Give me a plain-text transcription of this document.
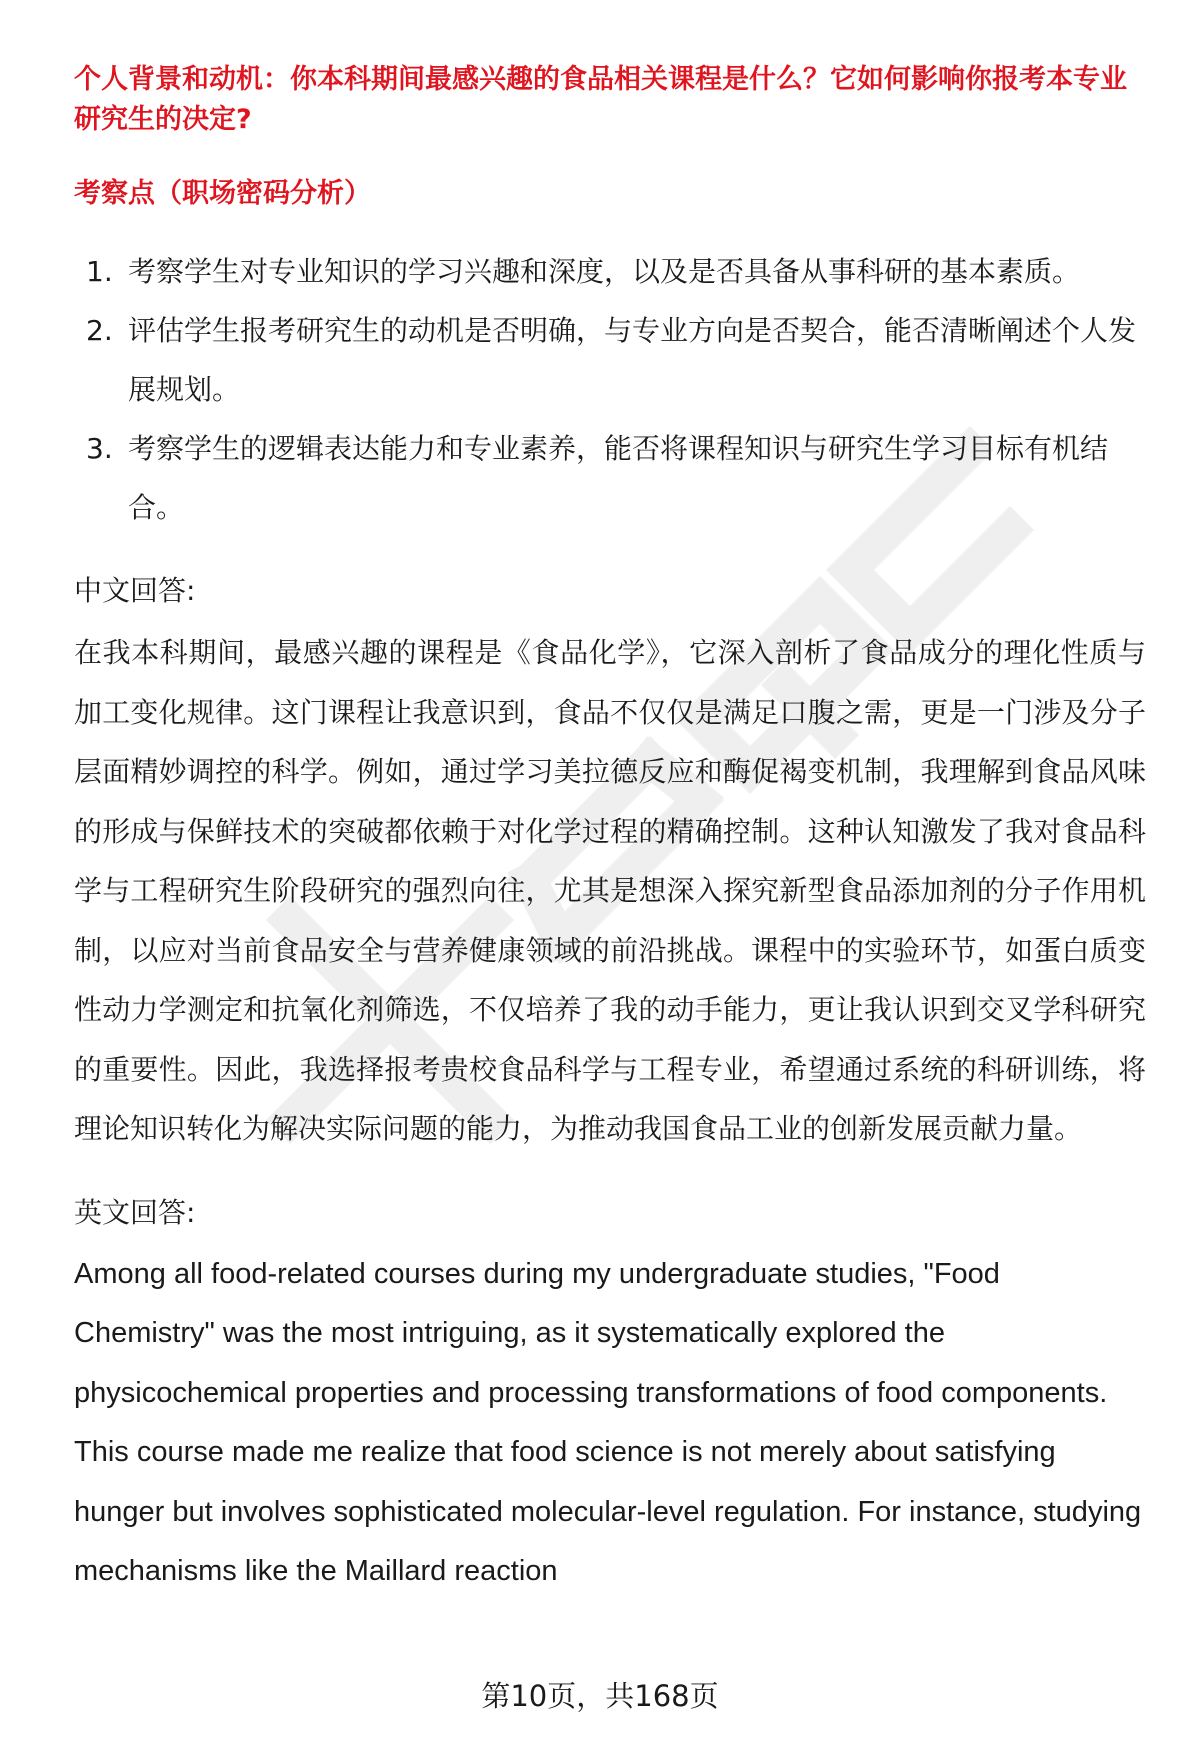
个人背景和动机：你本科期间最感兴趣的食品相关课程是什么？它如何影响你报考本专业研究生的决定?

考察点（职场密码分析）

1. 考察学生对专业知识的学习兴趣和深度，以及是否具备从事科研的基本素质。
2. 评估学生报考研究生的动机是否明确，与专业方向是否契合，能否清晰阐述个人发展规划。
3. 考察学生的逻辑表达能力和专业素养，能否将课程知识与研究生学习目标有机结合。
中文回答:

在我本科期间，最感兴趣的课程是《食品化学》，它深入剖析了食品成分的理化性质与加工变化规律。这门课程让我意识到，食品不仅仅是满足口腹之需，更是一门涉及分子层面精妙调控的科学。例如，通过学习美拉德反应和酶促褐变机制，我理解到食品风味的形成与保鲜技术的突破都依赖于对化学过程的精确控制。这种认知激发了我对食品科学与工程研究生阶段研究的强烈向往，尤其是想深入探究新型食品添加剂的分子作用机制，以应对当前食品安全与营养健康领域的前沿挑战。课程中的实验环节，如蛋白质变性动力学测定和抗氧化剂筛选，不仅培养了我的动手能力，更让我认识到交叉学科研究的重要性。因此，我选择报考贵校食品科学与工程专业，希望通过系统的科研训练，将理论知识转化为解决实际问题的能力，为推动我国食品工业的创新发展贡献力量。

英文回答:

Among all food-related courses during my undergraduate studies, "Food Chemistry" was the most intriguing, as it systematically explored the physicochemical properties and processing transformations of food components. This course made me realize that food science is not merely about satisfying hunger but involves sophisticated molecular-level regulation. For instance, studying mechanisms like the Maillard reaction

第10页，共168页
